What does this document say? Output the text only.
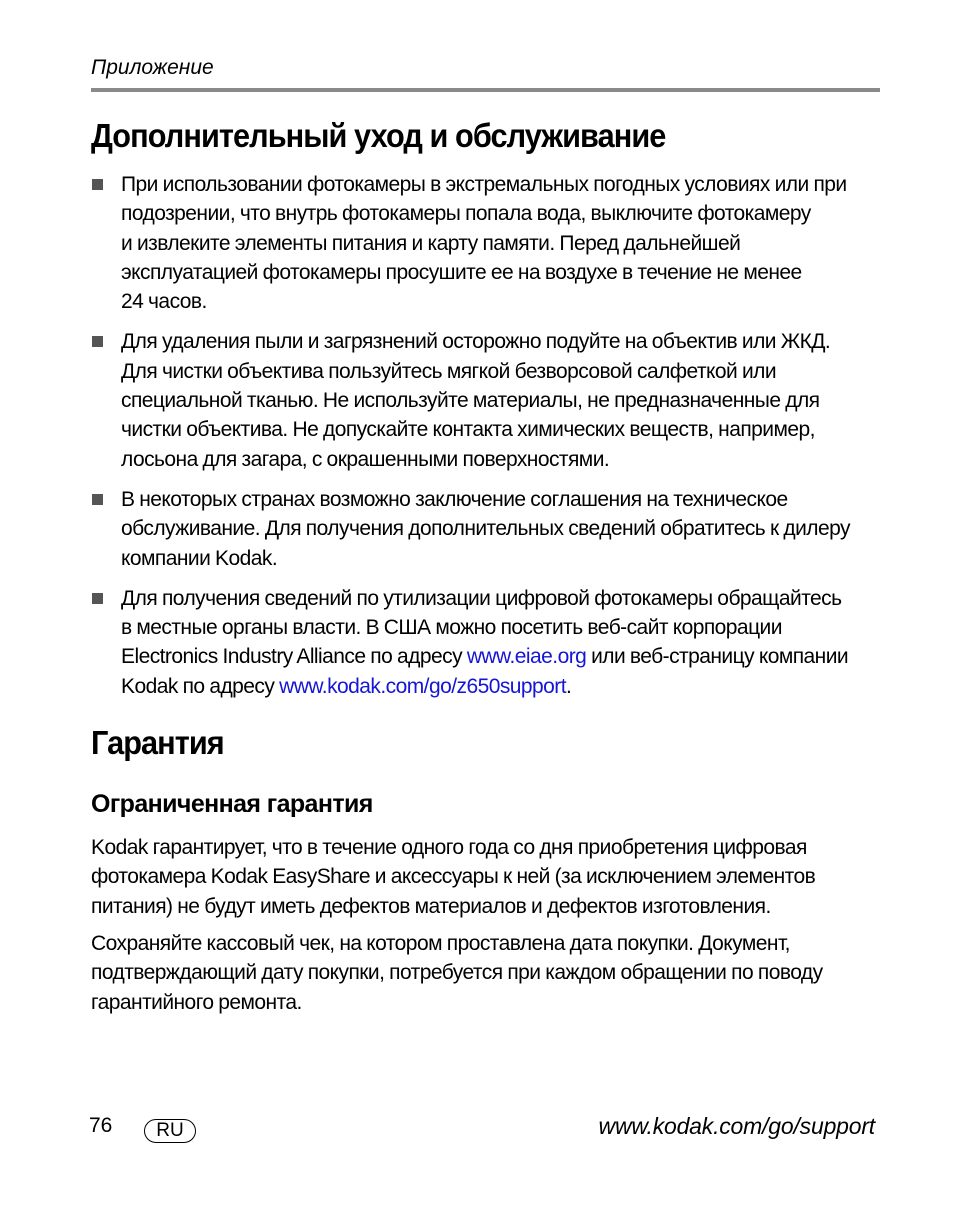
Приложение
Дополнительный уход и обслуживание
При использовании фотокамеры в экстремальных погодных условиях или при
подозрении, что внутрь фотокамеры попала вода, выключите фотокамеру
и извлеките элементы питания и карту памяти. Перед дальнейшей
эксплуатацией фотокамеры просушите ее на воздухе в течение не менее
24 часов.
Для удаления пыли и загрязнений осторожно подуйте на объектив или ЖКД.
Для чистки объектива пользуйтесь мягкой безворсовой салфеткой или
специальной тканью. Не используйте материалы, не предназначенные для
чистки объектива. Не допускайте контакта химических веществ, например,
лосьона для загара, с окрашенными поверхностями.
В некоторых странах возможно заключение соглашения на техническое
обслуживание. Для получения дополнительных сведений обратитесь к дилеру
компании Kodak.
Для получения сведений по утилизации цифровой фотокамеры обращайтесь
в местные органы власти. В США можно посетить веб-сайт корпорации
Electronics Industry Alliance по адресу www.eiae.org или веб-страницу компании
Kodak по адресу www.kodak.com/go/z650support.
Гарантия
Ограниченная гарантия

Kodak гарантирует, что в течение одного года со дня приобретения цифровая
фотокамера Kodak EasyShare и аксессуары к ней (за исключением элементов
питания) не будут иметь дефектов материалов и дефектов изготовления.

Сохраняйте кассовый чек, на котором проставлена дата покупки. Документ,
подтверждающий дату покупки, потребуется при каждом обращении по поводу
гарантийного ремонта.

76	RU	www.kodak.com/go/support
